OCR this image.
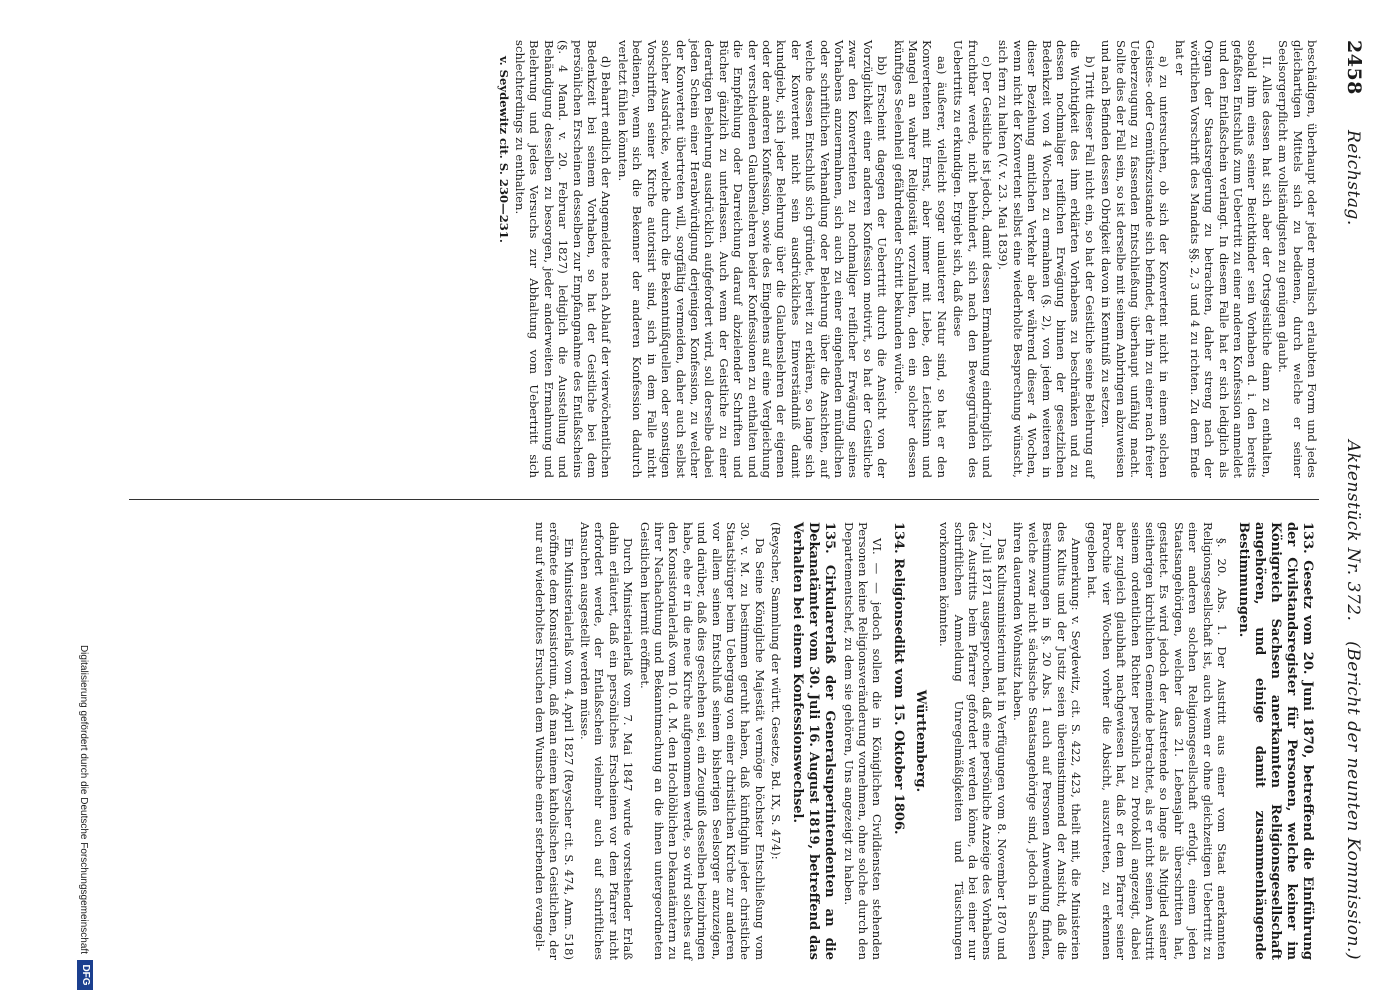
2458
Reichstag.
Aktenstück Nr. 372.
(Bericht der neunten Kommission.)

beschädigen, überhaupt oder jeder moralisch erlaubten Form und jedes gleichartigen Mittels sich zu bedienen, durch welche er seiner Seelsorgerpflicht am vollständigsten zu genügen glaubt.

II. Alles dessen hat sich aber der Ortsgeistliche dann zu enthalten, sobald ihm eines seiner Beichtkinder sein Vorhaben d. i. den bereits gefaßten Entschluß zum Uebertritt zu einer anderen Konfession anmeldet und den Entlaßschein verlangt. In diesem Falle hat er sich lediglich als Organ der Staatsregierung zu betrachten, daher streng nach der wörtlichen Vorschrift des Mandats §§. 2, 3 und 4 zu richten. Zu dem Ende hat er

a) zu untersuchen, ob sich der Konvertent nicht in einem solchen Geistes- oder Gemüthszustande sich befindet, der ihn zu einer nach freier Ueberzeugung zu fassenden Entschließung überhaupt unfähig macht. Sollte dies der Fall sein, so ist derselbe mit seinem Anbringen abzuweisen und nach Befinden dessen Obrigkeit davon in Kenntniß zu setzen.

b) Tritt dieser Fall nicht ein, so hat der Geistliche seine Belehrung auf die Wichtigkeit des ihm erklärten Vorhabens zu beschränken und zu dessen nochmaliger reiflichen Erwägung binnen der gesetzlichen Bedenkzeit von 4 Wochen zu ermahnen (§. 2), von jedem weiteren in dieser Beziehung amtlichen Verkehr aber während dieser 4 Wochen, wenn nicht der Konvertent selbst eine wiederholte Besprechung wünscht, sich fern zu halten (V. v. 23. Mai 1839).

c) Der Geistliche ist jedoch, damit dessen Ermahnung eindringlich und fruchtbar werde, nicht behindert, sich nach den Beweggründen des Uebertritts zu erkundigen. Ergiebt sich, daß diese

aa) äußerer, vielleicht sogar unlauterer Natur sind, so hat er den Konvertenten mit Ernst, aber immer mit Liebe, den Leichtsinn und Mangel an wahrer Religiosität vorzuhalten, den ein solcher dessen künftiges Seelenheil gefährdender Schritt bekunden würde.

bb) Erscheint dagegen der Uebertritt durch die Ansicht von der Vorzüglichkeit einer anderen Konfession motivirt, so hat der Geistliche zwar den Konvertenten zu nochmaliger reiflicher Erwägung seines Vorhabens anzuermahnen, sich auch zu einer eingehenden mündlichen oder schriftlichen Verhandlung oder Belehrung über die Ansichten, auf welche dessen Entschluß sich gründet, bereit zu erklären, so lange sich der Konvertent nicht sein ausdrückliches Einverständniß damit kundgiebt, sich jeder Belehrung über die Glaubenslehren der eigenen oder der anderen Konfession, sowie des Eingehens auf eine Vergleichung der verschiedenen Glaubenslehren beider Konfessionen zu enthalten und die Empfehlung oder Darreichung darauf abzielender Schriften und Bücher gänzlich zu unterlassen. Auch wenn der Geistliche zu einer derartigen Belehrung ausdrücklich aufgefordert wird, soll derselbe dabei jeden Schein einer Herabwürdigung derjenigen Konfession, zu welcher der Konvertent übertreten will, sorgfältig vermeiden, daher auch selbst solcher Ausdrücke, welche durch die Bekenntnißquellen oder sonstigen Vorschriften seiner Kirche autorisirt sind, sich in dem Falle nicht bedienen, wenn sich die Bekenner der anderen Konfession dadurch verletzt fühlen könnten.

d) Beharrt endlich der Angemeldete nach Ablauf der vierwöchentlichen Bedenkzeit bei seinem Vorhaben, so hat der Geistliche bei dem persönlichen Erscheinen desselben zur Empfangnahme des Entlaßscheins (§. 4 Mand. v. 20. Februar 1827) lediglich die Ausstellung und Behändigung desselben zu besorgen, jeder anderweiten Ermahnung und Belehrung und jedes Versuchs zur Abhaltung vom Uebertritt sich schlechterdings zu enthalten.

v. Seydewitz cit. S. 230—231.

133. Gesetz vom 20. Juni 1870, betreffend die Einführung der Civilstandsregister für Personen, welche keiner im Königreich Sachsen anerkannten Religionsgesellschaft angehören, und einige damit zusammenhängende Bestimmungen.

§. 20. Abs. 1. Der Austritt aus einer vom Staat anerkannten Religionsgesellschaft ist, auch wenn er ohne gleichzeitigen Uebertritt zu einer anderen solchen Religionsgesellschaft erfolgt, einem jeden Staatsangehörigen, welcher das 21. Lebensjahr überschritten hat, gestattet. Es wird jedoch der Austretende so lange als Mitglied seiner seitherigen kirchlichen Gemeinde betrachtet, als er nicht seinen Austritt seinem ordentlichen Richter persönlich zu Protokoll angezeigt, dabei aber zugleich glaubhaft nachgewiesen hat, daß er dem Pfarrer seiner Parochie vier Wochen vorher die Absicht, auszutreten, zu erkennen gegeben hat.

Anmerkung: v. Seydewitz, cit. S. 422, 423, theilt mit, die Ministerien des Kultus und der Justiz seien übereinstimmend der Ansicht, daß die Bestimmungen in §. 20 Abs. 1 auch auf Personen Anwendung finden, welche zwar nicht sächsische Staatsangehörige sind, jedoch in Sachsen ihren dauernden Wohnsitz haben.

Das Kultusministerium hat in Verfügungen vom 8. November 1870 und 27. Juli 1871 ausgesprochen, daß eine persönliche Anzeige des Vorhabens des Austritts beim Pfarrer gefordert werden könne, da bei einer nur schriftlichen Anmeldung Unregelmäßigkeiten und Täuschungen vorkommen könnten.

Württemberg.

134. Religionsedikt vom 15. Oktober 1806.

VI. — — jedoch sollen die in Königlichen Civildiensten stehenden Personen keine Religionsveränderung vornehmen, ohne solche durch den Departementschef, zu dem sie gehören, Uns angezeigt zu haben.

135. Cirkularerlaß der Generalsuperintendenten an die Dekanatämter vom 30. Juli 16. August 1819, betreffend das Verhalten bei einem Konfessionswechsel.

(Reyscher, Sammlung der württ. Gesetze, Bd. IX, S. 474):

Da Seine Königliche Majestät vermöge höchster Entschließung vom 30. v. M. zu bestimmen geruht haben, daß künftighin jeder christliche Staatsbürger beim Uebergang von einer christlichen Kirche zur anderen vor allem seinen Entschluß seinem bisherigen Seelsorger anzuzeigen, und darüber, daß dies geschehen sei, ein Zeugniß desselben beizubringen habe, ehe er in die neue Kirche aufgenommen werde, so wird solches auf den Konsistorialerlaß vom 10. d. M. den Hochlöblichen Dekanatämtern zu ihrer Nachachtung und Bekanntmachung an die ihnen untergeordneten Geistlichen hiermit eröffnet.

Durch Ministerialerlaß vom 7. Mai 1847 wurde vorstehender Erlaß dahin erläutert, daß ein persönliches Erscheinen vor dem Pfarrer nicht erfordert werde, der Entlaßschein vielmehr auch auf schriftliches Ansuchen ausgestellt werden müsse.

Ein Ministerialerlaß vom 4. April 1827 (Reyscher cit. S. 474, Anm. 518) eröffnete dem Konsistorium, daß man einem katholischen Geistlichen, der nur auf wiederholtes Ersuchen dem Wunsche einer sterbenden evangeli-

Digitalisierung gefördert durch die Deutsche Forschungsgemeinschaft
DFG
